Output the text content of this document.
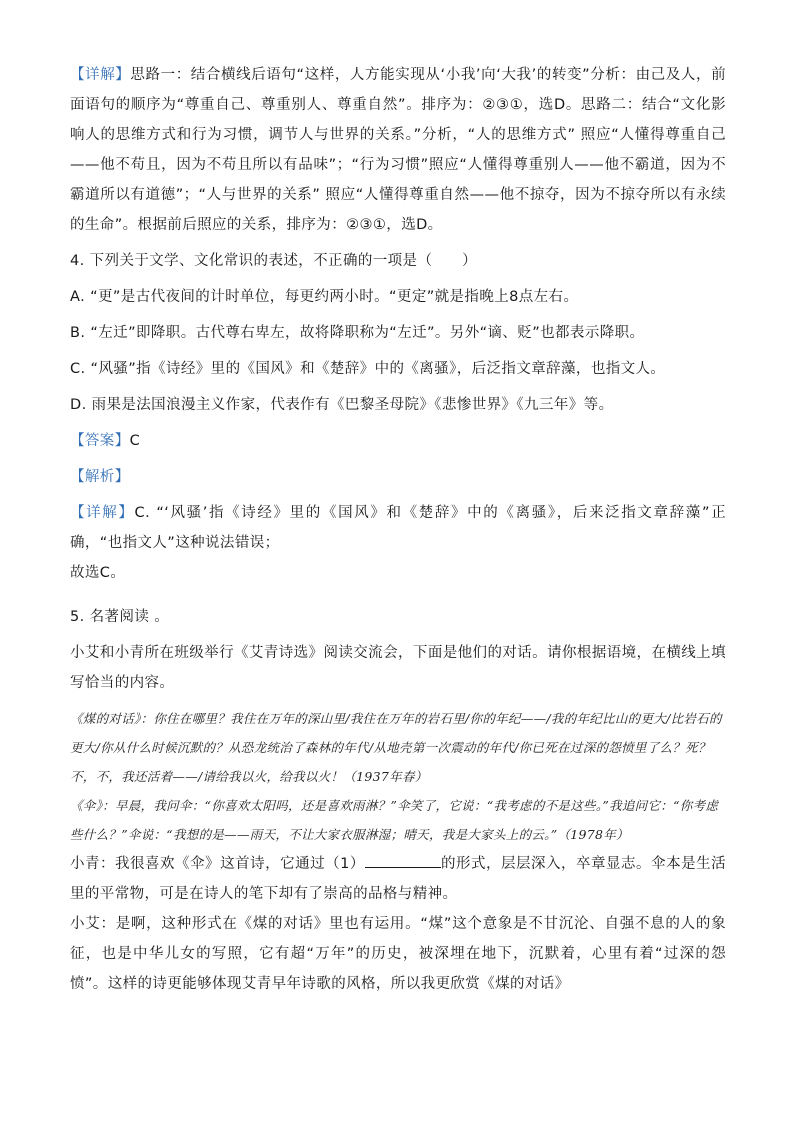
【详解】思路一：结合横线后语句“这样，人方能实现从‘小我’向‘大我’的转变”分析：由己及人，前面语句的顺序为“尊重自己、尊重别人、尊重自然”。排序为：②③①，选D。思路二：结合“文化影响人的思维方式和行为习惯，调节人与世界的关系。”分析，“人的思维方式” 照应“人懂得尊重自己——他不苟且，因为不苟且所以有品味”；“行为习惯”照应“人懂得尊重别人——他不霸道，因为不霸道所以有道德”；“人与世界的关系” 照应“人懂得尊重自然——他不掠夺，因为不掠夺所以有永续的生命”。根据前后照应的关系，排序为：②③①，选D。

4. 下列关于文学、文化常识的表述，不正确的一项是（　　）

A. “更”是古代夜间的计时单位，每更约两小时。“更定”就是指晚上8点左右。

B. “左迁”即降职。古代尊右卑左，故将降职称为“左迁”。另外“谪、贬”也都表示降职。

C. “风骚”指《诗经》里的《国风》和《楚辞》中的《离骚》，后泛指文章辞藻，也指文人。

D. 雨果是法国浪漫主义作家，代表作有《巴黎圣母院》《悲惨世界》《九三年》等。

【答案】C

【解析】

【详解】C. “‘风骚’指《诗经》里的《国风》和《楚辞》中的《离骚》，后来泛指文章辞藻”正确，“也指文人”这种说法错误；

故选C。

5. 名著阅读 。

小艾和小青所在班级举行《艾青诗选》阅读交流会，下面是他们的对话。请你根据语境，在横线上填写恰当的内容。

《煤的对话》：你住在哪里？我住在万年的深山里/我住在万年的岩石里/你的年纪——/我的年纪比山的更大/比岩石的更大/你从什么时候沉默的？从恐龙统治了森林的年代/从地壳第一次震动的年代/你已死在过深的怨愤里了么？死？不，不，我还活着——/请给我以火，给我以火！（1937年春）

《伞》：早晨，我问伞：“你喜欢太阳吗，还是喜欢雨淋？”伞笑了，它说：“我考虑的不是这些。”我追问它：“你考虑些什么？”伞说：“我想的是——雨天，不让大家衣服淋湿；晴天，我是大家头上的云。”（1978年）

小青：我很喜欢《伞》这首诗，它通过（1）	的形式，层层深入，卒章显志。伞本是生活里的平常物，可是在诗人的笔下却有了崇高的品格与精神。

小艾：是啊，这种形式在《煤的对话》里也有运用。“煤”这个意象是不甘沉沦、自强不息的人的象征，也是中华儿女的写照，它有超“万年”的历史，被深埋在地下，沉默着，心里有着“过深的怨愤”。这样的诗更能够体现艾青早年诗歌的风格，所以我更欣赏《煤的对话》
